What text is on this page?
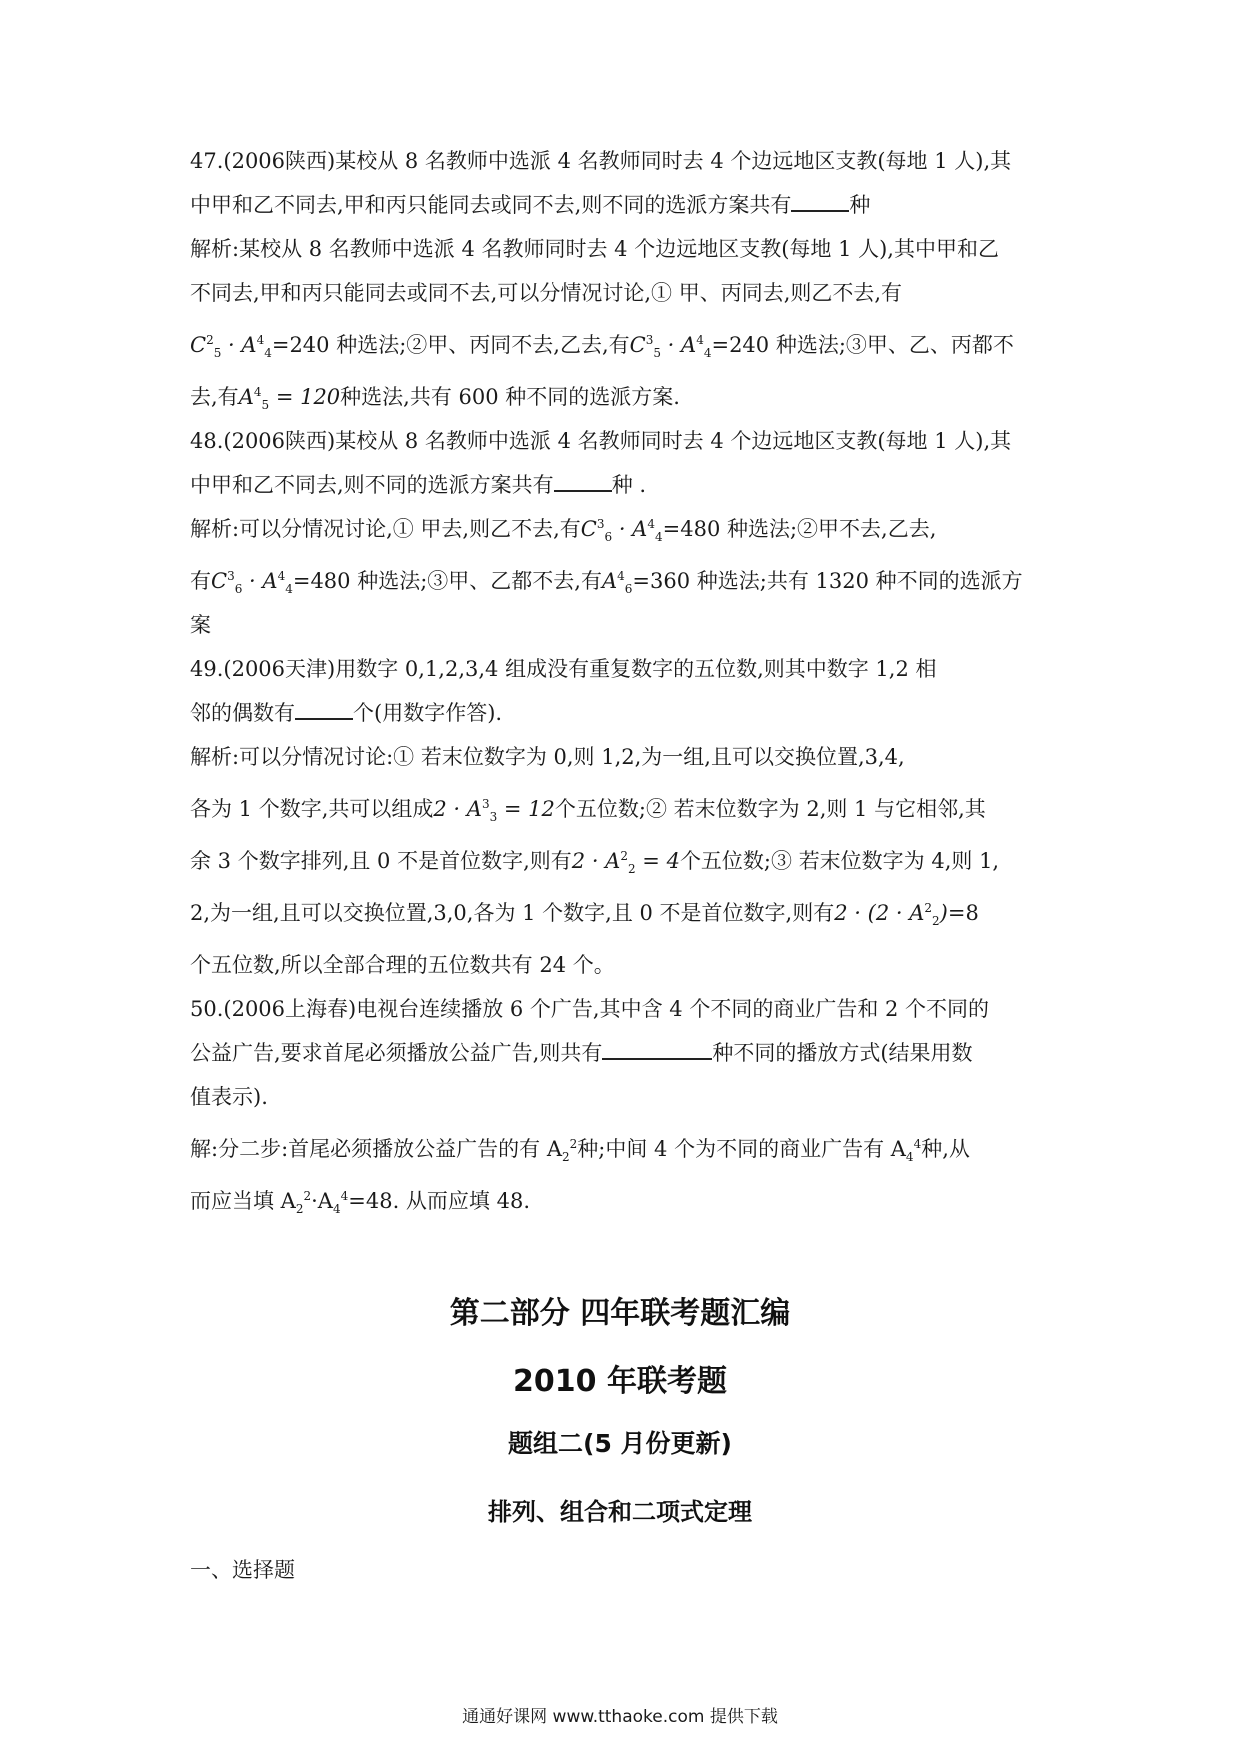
47.(2006陕西)某校从 8 名教师中选派 4 名教师同时去 4 个边远地区支教(每地 1 人),其
中甲和乙不同去,甲和丙只能同去或同不去,则不同的选派方案共有	种
解析:某校从 8 名教师中选派 4 名教师同时去 4 个边远地区支教(每地 1 人),其中甲和乙
不同去,甲和丙只能同去或同不去,可以分情况讨论,① 甲、丙同去,则乙不去,有
$C^2_5 \cdot A^4_4=240$ 种选法;②甲、丙同不去,乙去,有$C^3_5 \cdot A^4_4=240$ 种选法;③甲、乙、丙都不
去,有$A^4_5 = 120$种选法,共有 600 种不同的选派方案.
48.(2006陕西)某校从 8 名教师中选派 4 名教师同时去 4 个边远地区支教(每地 1 人),其
中甲和乙不同去,则不同的选派方案共有	种 .
解析:可以分情况讨论,① 甲去,则乙不去,有$C^3_6 \cdot A^4_4=480$ 种选法;②甲不去,乙去,
有$C^3_6 \cdot A^4_4=480$ 种选法;③甲、乙都不去,有$A^4_6=360$ 种选法;共有 1320 种不同的选派方
案
49.(2006天津)用数字 0,1,2,3,4 组成没有重复数字的五位数,则其中数字 1,2 相
邻的偶数有	个(用数字作答).
解析:可以分情况讨论:① 若末位数字为 0,则 1,2,为一组,且可以交换位置,3,4,
各为 1 个数字,共可以组成$2 \cdot A^3_3 = 12$个五位数;② 若末位数字为 2,则 1 与它相邻,其
余 3 个数字排列,且 0 不是首位数字,则有$2 \cdot A^2_2 = 4$个五位数;③ 若末位数字为 4,则 1,
2,为一组,且可以交换位置,3,0,各为 1 个数字,且 0 不是首位数字,则有$2 \cdot (2 \cdot A^2_2)=8$
个五位数,所以全部合理的五位数共有 24 个。
50.(2006上海春)电视台连续播放 6 个广告,其中含 4 个不同的商业广告和 2 个不同的
公益广告,要求首尾必须播放公益广告,则共有	种不同的播放方式(结果用数
值表示).
解:分二步:首尾必须播放公益广告的有 $A_2^2$种;中间 4 个为不同的商业广告有 $A_4^4$种,从
而应当填 $A_2^2\cdot A_4^4=48$. 从而应填 48.
第二部分 四年联考题汇编
2010 年联考题
题组二(5 月份更新)
排列、组合和二项式定理
一、选择题
通通好课网 www.tthaoke.com 提供下载
